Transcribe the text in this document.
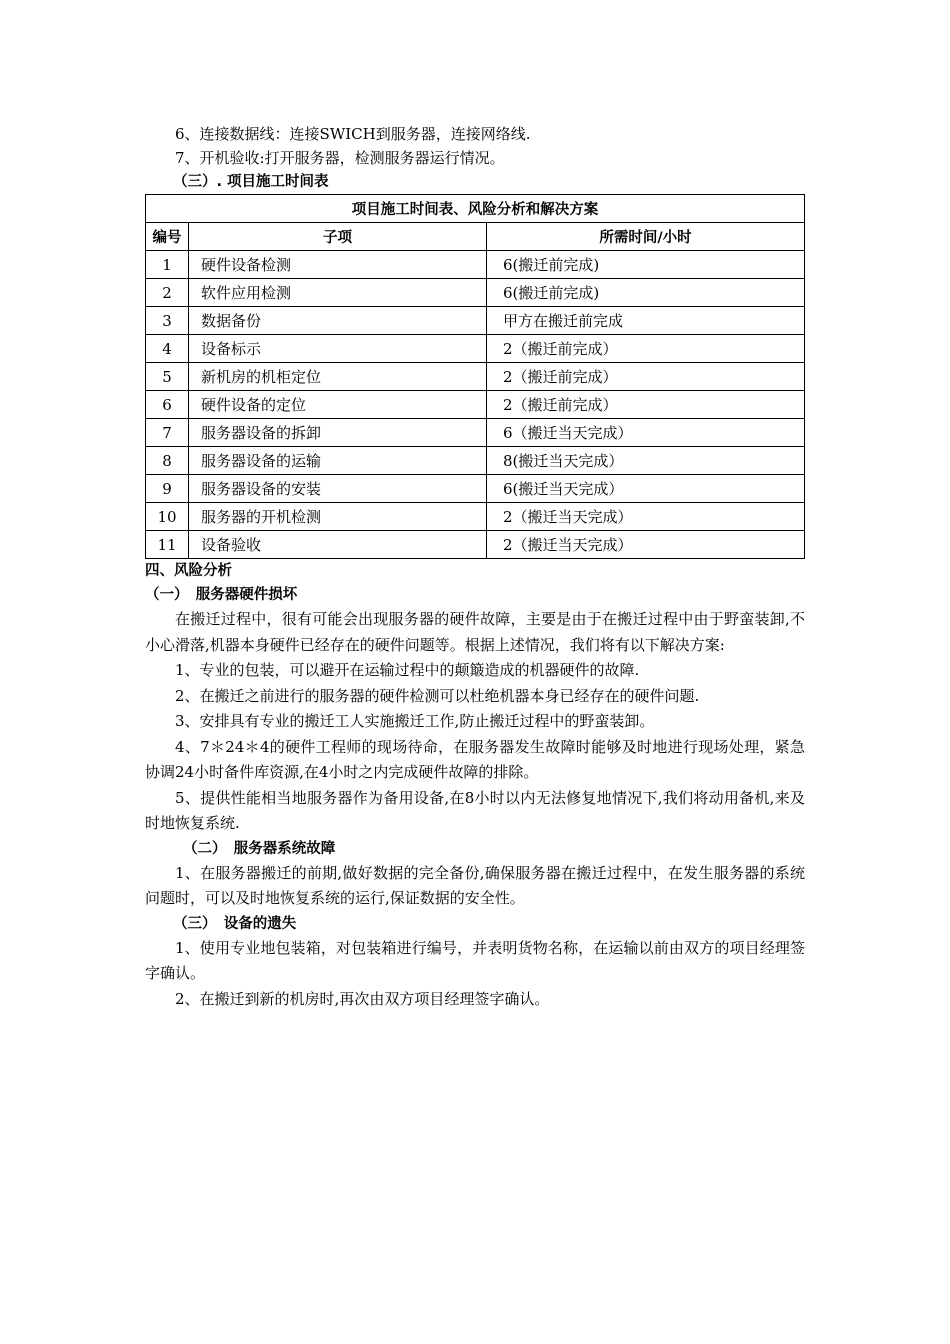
6、连接数据线：连接SWICH到服务器，连接网络线.

7、开机验收:打开服务器，检测服务器运行情况。

（三）. 项目施工时间表

项目施工时间表、风险分析和解决方案		
编号	子项	所需时间/小时
1	硬件设备检测	6(搬迁前完成)
2	软件应用检测	6(搬迁前完成)
3	数据备份	甲方在搬迁前完成
4	设备标示	2（搬迁前完成）
5	新机房的机柜定位	2（搬迁前完成）
6	硬件设备的定位	2（搬迁前完成）
7	服务器设备的拆卸	6（搬迁当天完成）
8	服务器设备的运输	8(搬迁当天完成）
9	服务器设备的安装	6(搬迁当天完成）
10	服务器的开机检测	2（搬迁当天完成）
11	设备验收	2（搬迁当天完成）

四、风险分析

（一）　服务器硬件损坏

在搬迁过程中，很有可能会出现服务器的硬件故障，主要是由于在搬迁过程中由于野蛮装卸,不小心滑落,机器本身硬件已经存在的硬件问题等。根据上述情况，我们将有以下解决方案:

1、专业的包装，可以避开在运输过程中的颠簸造成的机器硬件的故障.

2、在搬迁之前进行的服务器的硬件检测可以杜绝机器本身已经存在的硬件问题.

3、安排具有专业的搬迁工人实施搬迁工作,防止搬迁过程中的野蛮装卸。

4、7＊24＊4的硬件工程师的现场待命，在服务器发生故障时能够及时地进行现场处理，紧急协调24小时备件库资源,在4小时之内完成硬件故障的排除。

5、提供性能相当地服务器作为备用设备,在8小时以内无法修复地情况下,我们将动用备机,来及时地恢复系统.

（二）　服务器系统故障

1、在服务器搬迁的前期,做好数据的完全备份,确保服务器在搬迁过程中，在发生服务器的系统问题时，可以及时地恢复系统的运行,保证数据的安全性。

（三）　设备的遗失

1、使用专业地包装箱，对包装箱进行编号，并表明货物名称，在运输以前由双方的项目经理签字确认。

2、在搬迁到新的机房时,再次由双方项目经理签字确认。
